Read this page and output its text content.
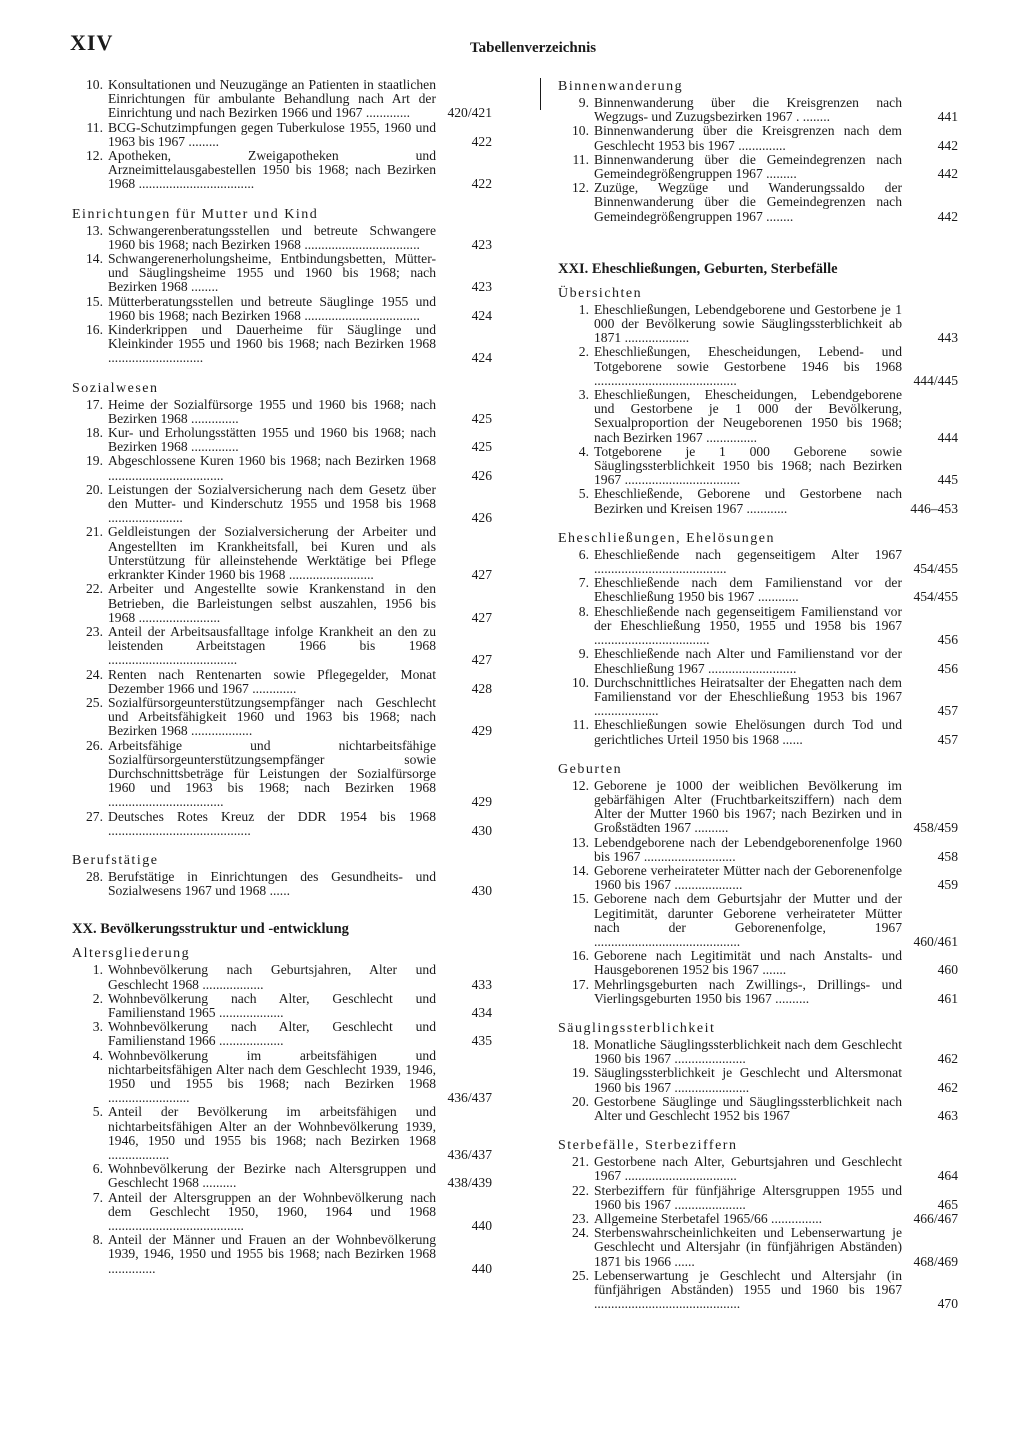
XIV	Tabellenverzeichnis
10. Konsultationen und Neuzugänge an Patienten in staatlichen Einrichtungen für ambulante Behandlung nach Art der Einrichtung und nach Bezirken 1966 und 1967 .............	420/421
11. BCG-Schutzimpfungen gegen Tuberkulose 1955, 1960 und 1963 bis 1967 .........	422
12. Apotheken, Zweigapotheken und Arzneimittelausgabestellen 1950 bis 1968; nach Bezirken 1968 ..................................	422
Einrichtungen für Mutter und Kind
13. Schwangerenberatungsstellen und betreute Schwangere 1960 bis 1968; nach Bezirken 1968 ..................................	423
14. Schwangerenerholungsheime, Entbindungsbetten, Mütter- und Säuglingsheime 1955 und 1960 bis 1968; nach Bezirken 1968 ........	423
15. Mütterberatungsstellen und betreute Säuglinge 1955 und 1960 bis 1968; nach Bezirken 1968 ..................................	424
16. Kinderkrippen und Dauerheime für Säuglinge und Kleinkinder 1955 und 1960 bis 1968; nach Bezirken 1968 ............................	424
Sozialwesen
17. Heime der Sozialfürsorge 1955 und 1960 bis 1968; nach Bezirken 1968 ..............	425
18. Kur- und Erholungsstätten 1955 und 1960 bis 1968; nach Bezirken 1968 ..............	425
19. Abgeschlossene Kuren 1960 bis 1968; nach Bezirken 1968 ..................................	426
20. Leistungen der Sozialversicherung nach dem Gesetz über den Mutter- und Kinderschutz 1955 und 1958 bis 1968 ......................	426
21. Geldleistungen der Sozialversicherung der Arbeiter und Angestellten im Krankheitsfall, bei Kuren und als Unterstützung für alleinstehende Werktätige bei Pflege erkrankter Kinder 1960 bis 1968 .........................	427
22. Arbeiter und Angestellte sowie Krankenstand in den Betrieben, die Barleistungen selbst auszahlen, 1956 bis 1968 ........................	427
23. Anteil der Arbeitsausfalltage infolge Krankheit an den zu leistenden Arbeitstagen 1966 bis 1968 ......................................	427
24. Renten nach Rentenarten sowie Pflegegelder, Monat Dezember 1966 und 1967 .............	428
25. Sozialfürsorgeunterstützungsempfänger nach Geschlecht und Arbeitsfähigkeit 1960 und 1963 bis 1968; nach Bezirken 1968 ..................	429
26. Arbeitsfähige und nichtarbeitsfähige Sozialfürsorgeunterstützungsempfänger sowie Durchschnittsbeträge für Leistungen der Sozialfürsorge 1960 und 1963 bis 1968; nach Bezirken 1968 ..................................	429
27. Deutsches Rotes Kreuz der DDR 1954 bis 1968 ..........................................	430
Berufstätige
28. Berufstätige in Einrichtungen des Gesundheits- und Sozialwesens 1967 und 1968 ......	430
XX. Bevölkerungsstruktur und -entwicklung
Altersgliederung
1. Wohnbevölkerung nach Geburtsjahren, Alter und Geschlecht 1968 ..................	433
2. Wohnbevölkerung nach Alter, Geschlecht und Familienstand 1965 ...................	434
3. Wohnbevölkerung nach Alter, Geschlecht und Familienstand 1966 ...................	435
4. Wohnbevölkerung im arbeitsfähigen und nichtarbeitsfähigen Alter nach dem Geschlecht 1939, 1946, 1950 und 1955 bis 1968; nach Bezirken 1968 ........................	436/437
5. Anteil der Bevölkerung im arbeitsfähigen und nichtarbeitsfähigen Alter an der Wohnbevölkerung 1939, 1946, 1950 und 1955 bis 1968; nach Bezirken 1968 ..................	436/437
6. Wohnbevölkerung der Bezirke nach Altersgruppen und Geschlecht 1968 ..........	438/439
7. Anteil der Altersgruppen an der Wohnbevölkerung nach dem Geschlecht 1950, 1960, 1964 und 1968 ........................................	440
8. Anteil der Männer und Frauen an der Wohnbevölkerung 1939, 1946, 1950 und 1955 bis 1968; nach Bezirken 1968 ..............	440
Binnenwanderung
9. Binnenwanderung über die Kreisgrenzen nach Wegzugs- und Zuzugsbezirken 1967 . ........	441
10. Binnenwanderung über die Kreisgrenzen nach dem Geschlecht 1953 bis 1967 ..............	442
11. Binnenwanderung über die Gemeindegrenzen nach Gemeindegrößengruppen 1967 .........	442
12. Zuzüge, Wegzüge und Wanderungssaldo der Binnenwanderung über die Gemeindegrenzen nach Gemeindegrößengruppen 1967 ........	442
XXI. Eheschließungen, Geburten, Sterbefälle
Übersichten
1. Eheschließungen, Lebendgeborene und Gestorbene je 1 000 der Bevölkerung sowie Säuglingssterblichkeit ab 1871 ...................	443
2. Eheschließungen, Ehescheidungen, Lebend- und Totgeborene sowie Gestorbene 1946 bis 1968 ..........................................	444/445
3. Eheschließungen, Ehescheidungen, Lebendgeborene und Gestorbene je 1 000 der Bevölkerung, Sexualproportion der Neugeborenen 1950 bis 1968; nach Bezirken 1967 ...............	444
4. Totgeborene je 1 000 Geborene sowie Säuglingssterblichkeit 1950 bis 1968; nach Bezirken 1967 ..................................	445
5. Eheschließende, Geborene und Gestorbene nach Bezirken und Kreisen 1967 ............	446–453
Eheschließungen, Ehelösungen
6. Eheschließende nach gegenseitigem Alter 1967 .......................................	454/455
7. Eheschließende nach dem Familienstand vor der Eheschließung 1950 bis 1967 ............	454/455
8. Eheschließende nach gegenseitigem Familienstand vor der Eheschließung 1950, 1955 und 1958 bis 1967 ..................................	456
9. Eheschließende nach Alter und Familienstand vor der Eheschließung 1967 ..........................	456
10. Durchschnittliches Heiratsalter der Ehegatten nach dem Familienstand vor der Eheschließung 1953 bis 1967 ...................	457
11. Eheschließungen sowie Ehelösungen durch Tod und gerichtliches Urteil 1950 bis 1968 ......	457
Geburten
12. Geborene je 1000 der weiblichen Bevölkerung im gebärfähigen Alter (Fruchtbarkeitsziffern) nach dem Alter der Mutter 1960 bis 1967; nach Bezirken und in Großstädten 1967 ..........	458/459
13. Lebendgeborene nach der Lebendgeborenenfolge 1960 bis 1967 ...........................	458
14. Geborene verheirateter Mütter nach der Geborenenfolge 1960 bis 1967 ....................	459
15. Geborene nach dem Geburtsjahr der Mutter und der Legitimität, darunter Geborene verheirateter Mütter nach der Geborenenfolge, 1967 ...........................................	460/461
16. Geborene nach Legitimität und nach Anstalts- und Hausgeborenen 1952 bis 1967 .......	460
17. Mehrlingsgeburten nach Zwillings-, Drillings- und Vierlingsgeburten 1950 bis 1967 ..........	461
Säuglingssterblichkeit
18. Monatliche Säuglingssterblichkeit nach dem Geschlecht 1960 bis 1967 .....................	462
19. Säuglingssterblichkeit je Geschlecht und Altersmonat 1960 bis 1967 ......................	462
20. Gestorbene Säuglinge und Säuglingssterblichkeit nach Alter und Geschlecht 1952 bis 1967	463
Sterbefälle, Sterbeziffern
21. Gestorbene nach Alter, Geburtsjahren und Geschlecht 1967 .................................	464
22. Sterbeziffern für fünfjährige Altersgruppen 1955 und 1960 bis 1967 .....................	465
23. Allgemeine Sterbetafel 1965/66 ...............	466/467
24. Sterbenswahrscheinlichkeiten und Lebenserwartung je Geschlecht und Altersjahr (in fünfjährigen Abständen) 1871 bis 1966 ......	468/469
25. Lebenserwartung je Geschlecht und Altersjahr (in fünfjährigen Abständen) 1955 und 1960 bis 1967 ...........................................	470
